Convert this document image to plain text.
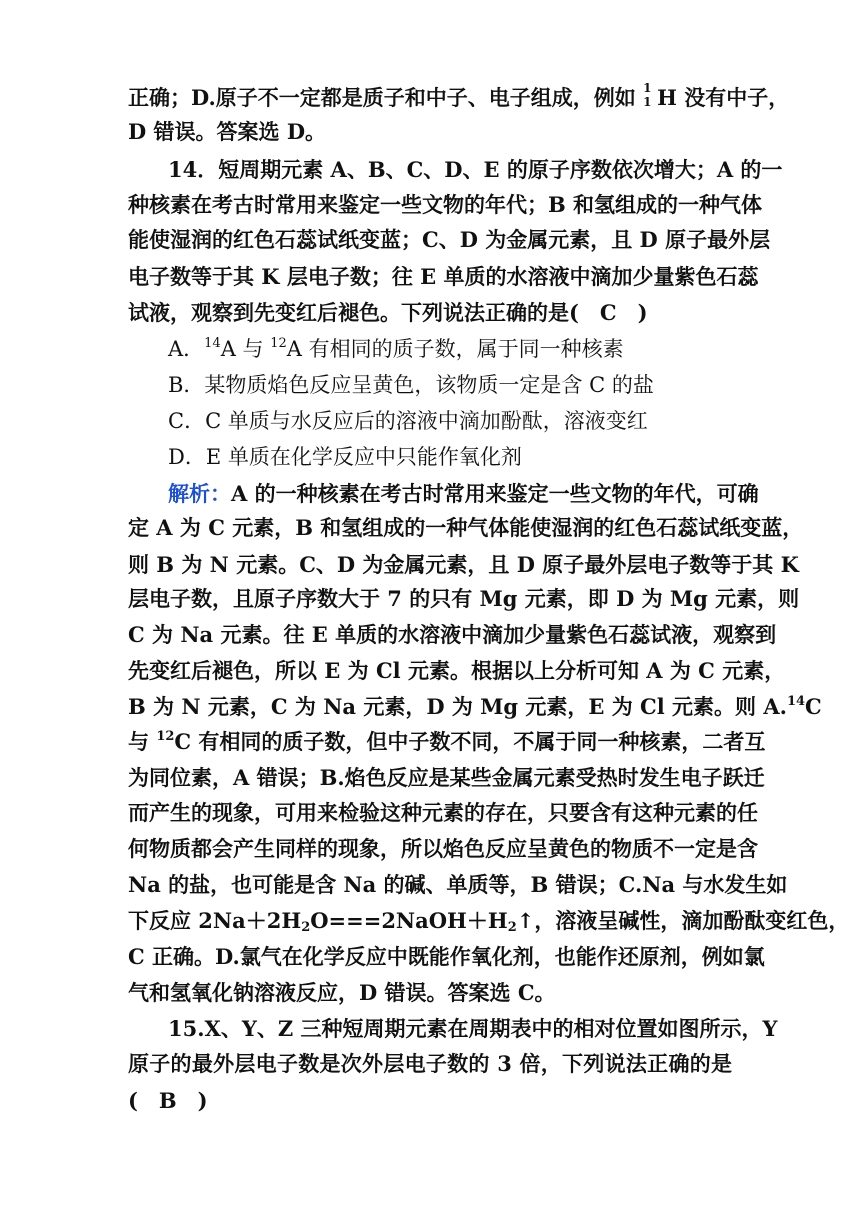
正确；D.原子不一定都是质子和中子、电子组成，例如 1
1 H 没有中子，
D 错误。答案选 D。
14．短周期元素 A、B、C、D、E 的原子序数依次增大；A 的一
种核素在考古时常用来鉴定一些文物的年代；B 和氢组成的一种气体
能使湿润的红色石蕊试纸变蓝；C、D 为金属元素，且 D 原子最外层
电子数等于其 K 层电子数；往 E 单质的水溶液中滴加少量紫色石蕊
试液，观察到先变红后褪色。下列说法正确的是(　C　)
A．$^{14}$A 与 $^{12}$A 有相同的质子数，属于同一种核素
B．某物质焰色反应呈黄色，该物质一定是含 C 的盐
C．C 单质与水反应后的溶液中滴加酚酞，溶液变红
D．E 单质在化学反应中只能作氧化剂
解析：A 的一种核素在考古时常用来鉴定一些文物的年代，可确
定 A 为 C 元素，B 和氢组成的一种气体能使湿润的红色石蕊试纸变蓝，
则 B 为 N 元素。C、D 为金属元素，且 D 原子最外层电子数等于其 K
层电子数，且原子序数大于 7 的只有 Mg 元素，即 D 为 Mg 元素，则
C 为 Na 元素。往 E 单质的水溶液中滴加少量紫色石蕊试液，观察到
先变红后褪色，所以 E 为 Cl 元素。根据以上分析可知 A 为 C 元素，
B 为 N 元素，C 为 Na 元素，D 为 Mg 元素，E 为 Cl 元素。则 A.$^{14}$C
与 $^{12}$C 有相同的质子数，但中子数不同，不属于同一种核素，二者互
为同位素，A 错误；B.焰色反应是某些金属元素受热时发生电子跃迁
而产生的现象，可用来检验这种元素的存在，只要含有这种元素的任
何物质都会产生同样的现象，所以焰色反应呈黄色的物质不一定是含
Na 的盐，也可能是含 Na 的碱、单质等，B 错误；C.Na 与水发生如
下反应 $2Na+2H_2O===2NaOH+H_2↑$，溶液呈碱性，滴加酚酞变红色，
C 正确。D.氯气在化学反应中既能作氧化剂，也能作还原剂，例如氯
气和氢氧化钠溶液反应，D 错误。答案选 C。
15.X、Y、Z 三种短周期元素在周期表中的相对位置如图所示，Y
原子的最外层电子数是次外层电子数的 3 倍，下列说法正确的是
(　B　)
